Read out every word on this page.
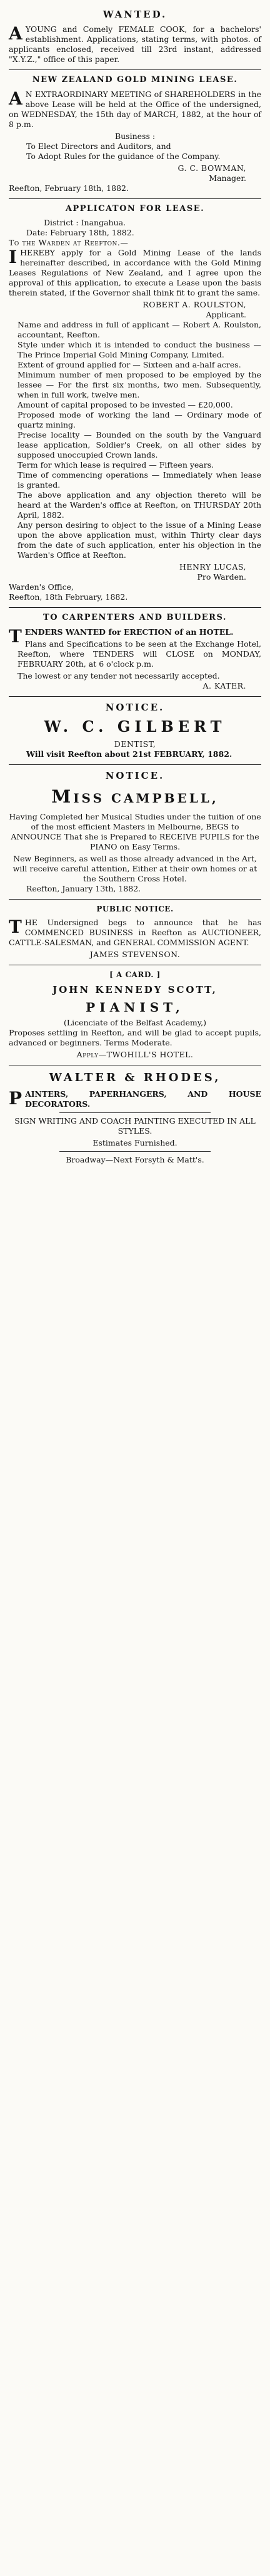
WANTED.

AYOUNG and Comely FEMALE COOK, for a bachelors' establishment. Applications, stating terms, with photos. of applicants enclosed, received till 23rd instant, addressed "X.Y.Z.," office of this paper.

NEW ZEALAND GOLD MINING LEASE.

A N EXTRAORDINARY MEETING of SHAREHOLDERS in the above Lease will be held at the Office of the undersigned, on WEDNESDAY, the 15th day of MARCH, 1882, at the hour of 8 p.m.

Business :

To Elect Directors and Auditors, and

To Adopt Rules for the guidance of the Company.

G. C. BOWMAN,

Manager.

Reefton, February 18th, 1882.

APPLICATON FOR LEASE.

District : Inangahua.

Date: February 18th, 1882.

To the Warden at Reefton.—

IHEREBY apply for a Gold Mining Lease of the lands hereinafter described, in accordance with the Gold Mining Leases Regulations of New Zealand, and I agree upon the approval of this application, to execute a Lease upon the basis therein stated, if the Governor shall think fit to grant the same.

ROBERT A. ROULSTON,

Applicant.

Name and address in full of applicant — Robert A. Roulston, accountant, Reefton.

Style under which it is intended to conduct the business — The Prince Imperial Gold Mining Company, Limited.

Extent of ground applied for — Sixteen and a-half acres.

Minimum number of men proposed to be employed by the lessee — For the first six months, two men. Subsequently, when in full work, twelve men.

Amount of capital proposed to be invested — £20,000.

Proposed mode of working the land — Ordinary mode of quartz mining.

Precise locality — Bounded on the south by the Vanguard lease application, Soldier's Creek, on all other sides by supposed unoccupied Crown lands.

Term for which lease is required — Fifteen years.

Time of commencing operations — Immediately when lease is granted.

The above application and any objection thereto will be heard at the Warden's office at Reefton, on THURSDAY 20th April, 1882.

Any person desiring to object to the issue of a Mining Lease upon the above application must, within Thirty clear days from the date of such application, enter his objection in the Warden's Office at Reefton.

HENRY LUCAS,

Pro Warden.

Warden's Office,

Reefton, 18th February, 1882.

TO CARPENTERS AND BUILDERS.

TENDERS WANTED for ERECTION of an HOTEL.

Plans and Specifications to be seen at the Exchange Hotel, Reefton, where TENDERS will CLOSE on MONDAY, FEBRUARY 20th, at 6 o'clock p.m.

The lowest or any tender not necessarily accepted.

A. KATER.

NOTICE.
W. C. GILBERT

DENTIST,

Will visit Reefton about 21st FEBRUARY, 1882.

NOTICE.
MISS CAMPBELL,

Having Completed her Musical Studies under the tuition of one of the most efficient Masters in Melbourne, BEGS to ANNOUNCE That she is Prepared to RECEIVE PUPILS for the PIANO on Easy Terms.

New Beginners, as well as those already advanced in the Art, will receive careful attention, Either at their own homes or at the Southern Cross Hotel.

Reefton, January 13th, 1882.

PUBLIC NOTICE.

THE Undersigned begs to announce that he has COMMENCED BUSINESS in Reefton as AUCTIONEER, CATTLE-SALESMAN, and GENERAL COMMISSION AGENT.

JAMES STEVENSON.

[ A CARD. ]
JOHN KENNEDY SCOTT,
PIANIST,

(Licenciate of the Belfast Academy,)

Proposes settling in Reefton, and will be glad to accept pupils, advanced or beginners. Terms Moderate.

Apply—TWOHILL'S HOTEL.

WALTER & RHODES,

PAINTERS, PAPERHANGERS, AND HOUSE DECORATORS.

SIGN WRITING AND COACH PAINTING EXECUTED IN ALL STYLES.

Estimates Furnished.

Broadway—Next Forsyth & Matt's.
